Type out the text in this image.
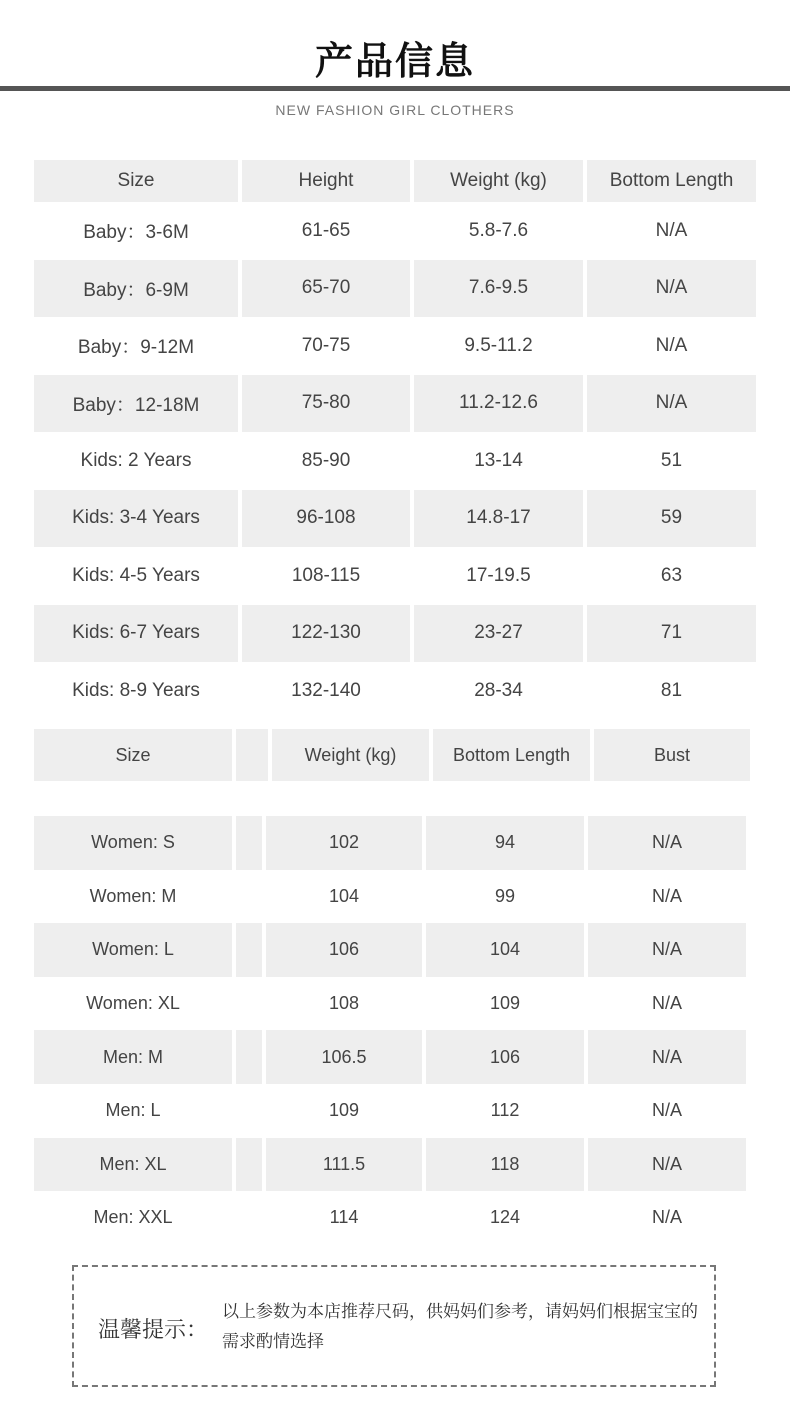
产品信息
NEW FASHION GIRL CLOTHERS
Size	Height	Weight (kg)	Bottom Length
Baby：3-6M	61-65	5.8-7.6	N/A
Baby：6-9M	65-70	7.6-9.5	N/A
Baby：9-12M	70-75	9.5-11.2	N/A
Baby：12-18M	75-80	11.2-12.6	N/A
Kids: 2 Years	85-90	13-14	51
Kids: 3-4 Years	96-108	14.8-17	59
Kids: 4-5 Years	108-115	17-19.5	63
Kids: 6-7 Years	122-130	23-27	71
Kids: 8-9 Years	132-140	28-34	81
Size	Weight (kg)	Bottom Length	Bust
Women: S	102	94	N/A
Women: M	104	99	N/A
Women: L	106	104	N/A
Women: XL	108	109	N/A
Men: M	106.5	106	N/A
Men: L	109	112	N/A
Men: XL	111.5	118	N/A
Men: XXL	114	124	N/A
温馨提示：
以上参数为本店推荐尺码，供妈妈们参考，请妈妈们根据宝宝的需求酌情选择
